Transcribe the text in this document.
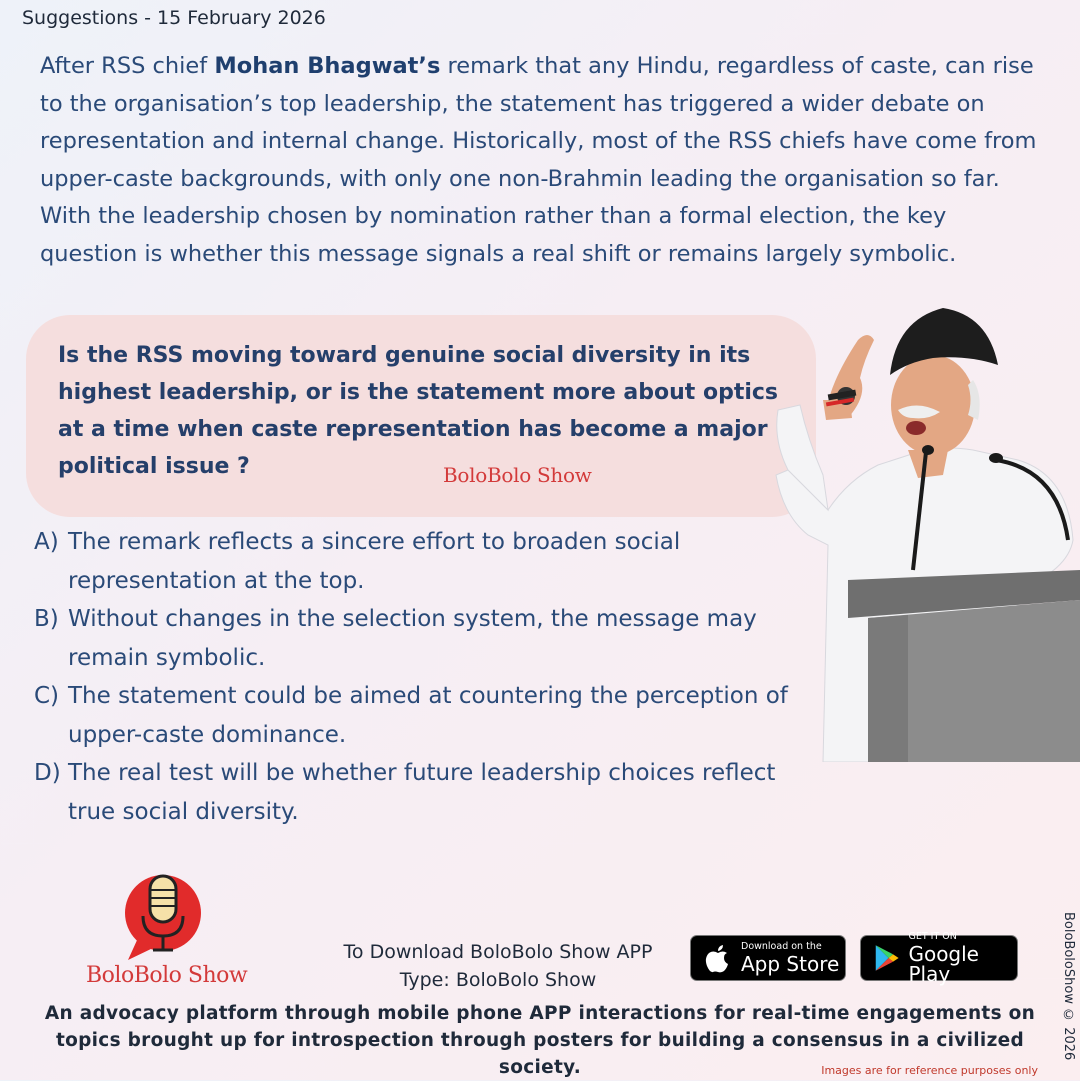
Suggestions - 15 February 2026

After RSS chief Mohan Bhagwat’s remark that any Hindu, regardless of caste, can rise to the organisation’s top leadership, the statement has triggered a wider debate on representation and internal change. Historically, most of the RSS chiefs have come from upper-caste backgrounds, with only one non-Brahmin leading the organisation so far. With the leadership chosen by nomination rather than a formal election, the key question is whether this message signals a real shift or remains largely symbolic.

Is the RSS moving toward genuine social diversity in its highest leadership, or is the statement more about optics at a time when caste representation has become a major political issue ?	BoloBolo Show
A) The remark reflects a sincere effort to broaden social representation at the top.
B) Without changes in the selection system, the message may remain symbolic.
C) The statement could be aimed at countering the perception of upper-caste dominance.
D) The real test will be whether future leadership choices reflect true social diversity.
BoloBolo Show
To Download BoloBolo Show APP
Type: BoloBolo Show
Download on the
App Store
GET IT ON
Google Play

An advocacy platform through mobile phone APP interactions for real-time engagements on topics brought up for introspection through posters for building a consensus in a civilized society.

BoloBoloShow © 2026
Images are for reference purposes only
